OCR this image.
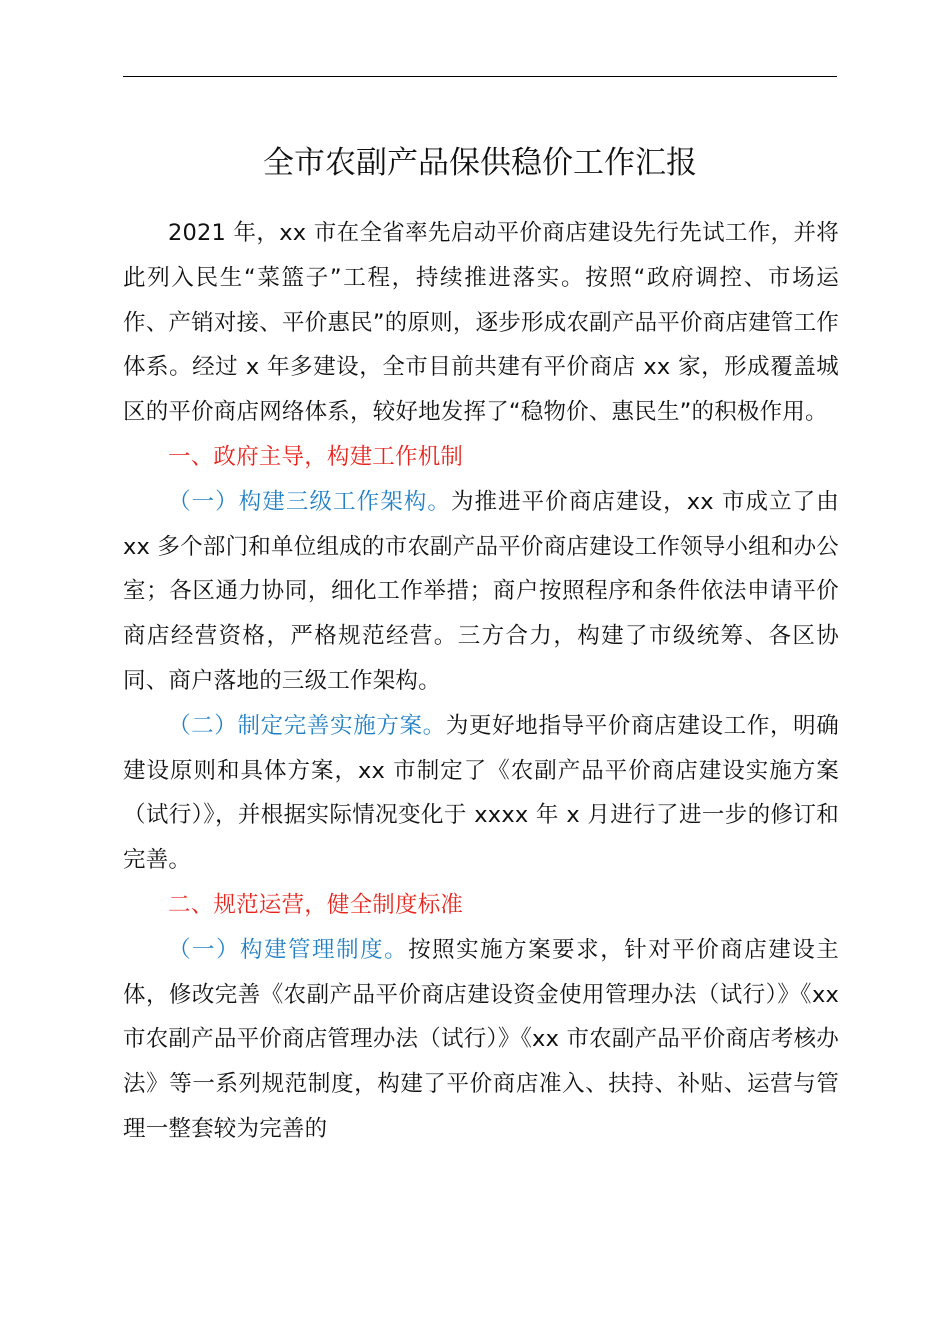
全市农副产品保供稳价工作汇报

2021 年，xx 市在全省率先启动平价商店建设先行先试工作，并将此列入民生“菜篮子”工程，持续推进落实。按照“政府调控、市场运作、产销对接、平价惠民”的原则，逐步形成农副产品平价商店建管工作体系。经过 x 年多建设，全市目前共建有平价商店 xx 家，形成覆盖城区的平价商店网络体系，较好地发挥了“稳物价、惠民生”的积极作用。

一、政府主导，构建工作机制

（一）构建三级工作架构。为推进平价商店建设，xx 市成立了由 xx 多个部门和单位组成的市农副产品平价商店建设工作领导小组和办公室；各区通力协同，细化工作举措；商户按照程序和条件依法申请平价商店经营资格，严格规范经营。三方合力，构建了市级统筹、各区协同、商户落地的三级工作架构。

（二）制定完善实施方案。为更好地指导平价商店建设工作，明确建设原则和具体方案，xx 市制定了《农副产品平价商店建设实施方案（试行）》，并根据实际情况变化于 xxxx 年 x 月进行了进一步的修订和完善。

二、规范运营，健全制度标准

（一）构建管理制度。按照实施方案要求，针对平价商店建设主体，修改完善《农副产品平价商店建设资金使用管理办法（试行）》《xx 市农副产品平价商店管理办法（试行）》《xx 市农副产品平价商店考核办法》等一系列规范制度，构建了平价商店准入、扶持、补贴、运营与管理一整套较为完善的
